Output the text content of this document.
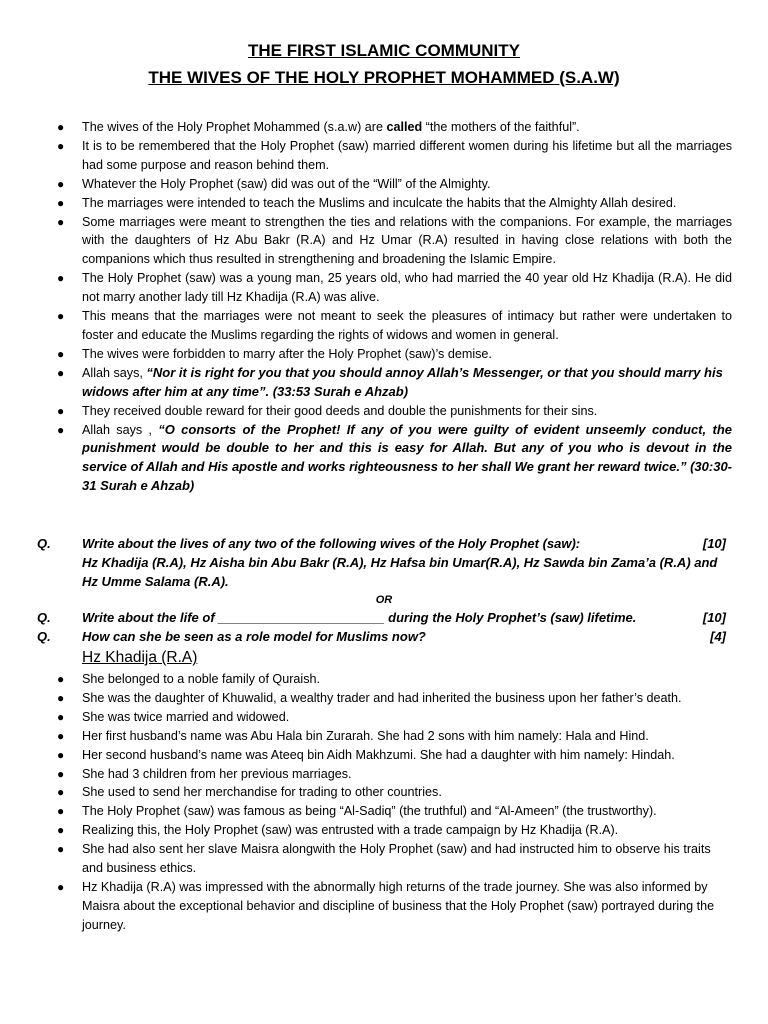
THE FIRST ISLAMIC COMMUNITY
THE WIVES OF THE HOLY PROPHET MOHAMMED (S.A.W)
● The wives of the Holy Prophet Mohammed (s.a.w) are called “the mothers of the faithful”.
● It is to be remembered that the Holy Prophet (saw) married different women during his lifetime but all the marriages had some purpose and reason behind them.
● Whatever the Holy Prophet (saw) did was out of the “Will” of the Almighty.
● The marriages were intended to teach the Muslims and inculcate the habits that the Almighty Allah desired.
● Some marriages were meant to strengthen the ties and relations with the companions. For example, the marriages with the daughters of Hz Abu Bakr (R.A) and Hz Umar (R.A) resulted in having close relations with both the companions which thus resulted in strengthening and broadening the Islamic Empire.
● The Holy Prophet (saw) was a young man, 25 years old, who had married the 40 year old Hz Khadija (R.A). He did not marry another lady till Hz Khadija (R.A) was alive.
● This means that the marriages were not meant to seek the pleasures of intimacy but rather were undertaken to foster and educate the Muslims regarding the rights of widows and women in general.
● The wives were forbidden to marry after the Holy Prophet (saw)’s demise.
● Allah says, “Nor it is right for you that you should annoy Allah’s Messenger, or that you should marry his widows after him at any time”. (33:53 Surah e Ahzab)
● They received double reward for their good deeds and double the punishments for their sins.
● Allah says , “O consorts of the Prophet! If any of you were guilty of evident unseemly conduct, the punishment would be double to her and this is easy for Allah. But any of you who is devout in the service of Allah and His apostle and works righteousness to her shall We grant her reward twice.” (30:30-31 Surah e Ahzab)
Q. Write about the lives of any two of the following wives of the Holy Prophet (saw):	[10]
Hz Khadija (R.A), Hz Aisha bin Abu Bakr (R.A), Hz Hafsa bin Umar(R.A), Hz Sawda bin Zama’a (R.A) and Hz Umme Salama (R.A).
OR
Q. Write about the life of _______________________ during the Holy Prophet’s (saw) lifetime.	[10]
Q. How can she be seen as a role model for Muslims now?	[4]
Hz Khadija (R.A)
● She belonged to a noble family of Quraish.
● She was the daughter of Khuwalid, a wealthy trader and had inherited the business upon her father’s death.
● She was twice married and widowed.
● Her first husband’s name was Abu Hala bin Zurarah. She had 2 sons with him namely: Hala and Hind.
● Her second husband’s name was Ateeq bin Aidh Makhzumi. She had a daughter with him namely: Hindah.
● She had 3 children from her previous marriages.
● She used to send her merchandise for trading to other countries.
● The Holy Prophet (saw) was famous as being “Al-Sadiq” (the truthful) and “Al-Ameen” (the trustworthy).
● Realizing this, the Holy Prophet (saw) was entrusted with a trade campaign by Hz Khadija (R.A).
● She had also sent her slave Maisra alongwith the Holy Prophet (saw) and had instructed him to observe his traits and business ethics.
● Hz Khadija (R.A) was impressed with the abnormally high returns of the trade journey. She was also informed by Maisra about the exceptional behavior and discipline of business that the Holy Prophet (saw) portrayed during the journey.
